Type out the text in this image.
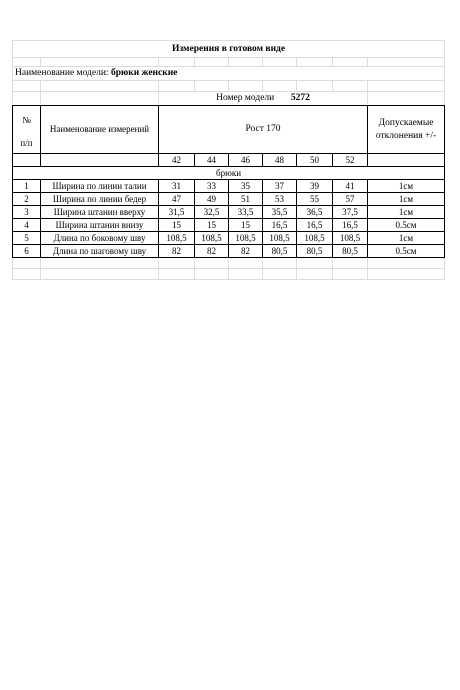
Измерения в готовом виде								

Наименование модели: брюки женские								

		Номер модели 5272						

№
п/п	Наименование измерений	Рост 170						Допускаемые отклонения +/-
		42	44	46	48	50	52	
брюки								
1	Ширина по линии талии	31	33	35	37	39	41	1см
2	Ширина по линии бедер	47	49	51	53	55	57	1см
3	Ширина штанин вверху	31,5	32,5	33,5	35,5	36,5	37,5	1см
4	Ширина штанин внизу	15	15	15	16,5	16,5	16,5	0.5см
5	Длина по боковому шву	108,5	108,5	108,5	108,5	108,5	108,5	1см
6	Длина по шаговому шву	82	82	82	80,5	80,5	80,5	0.5см
